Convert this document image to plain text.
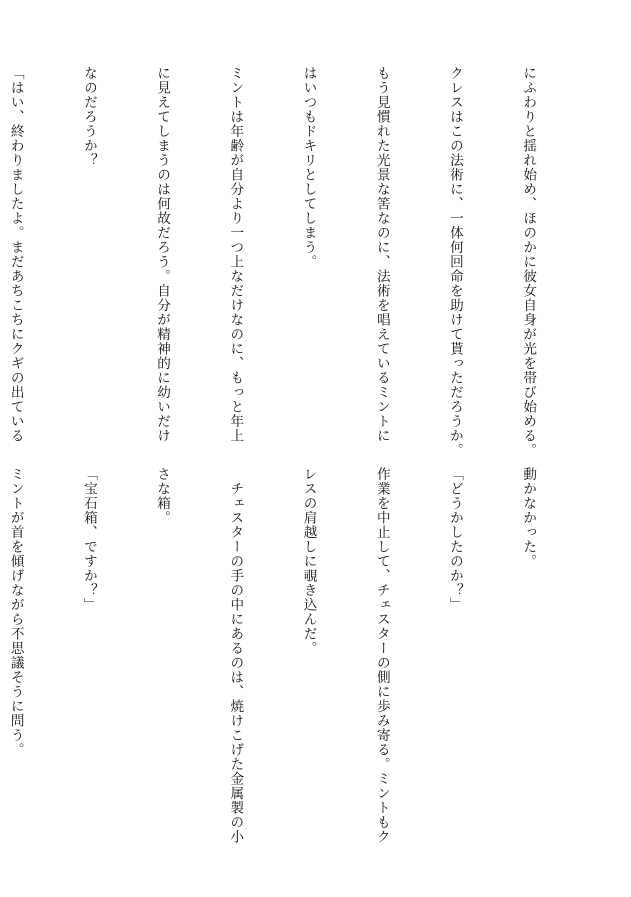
にふわりと揺れ始め、ほのかに彼女自身が光を帯び始める。

クレスはこの法術に、一体何回命を助けて貰っただろうか。

もう見慣れた光景な筈なのに、法術を唱えているミントに

はいつもドキリとしてしまう。

ミントは年齢が自分より一つ上なだけなのに、もっと年上

に見えてしまうのは何故だろう。自分が精神的に幼いだけ

なのだろうか？

「はい、終わりましたよ。まだあちこちにクギの出ている

動かなかった。

「どうかしたのか？」

作業を中止して、チェスターの側に歩み寄る。ミントもク

レスの肩越しに覗き込んだ。

　チェスターの手の中にあるのは、焼けこげた金属製の小

さな箱。

「宝石箱、ですか？」

ミントが首を傾げながら不思議そうに問う。
